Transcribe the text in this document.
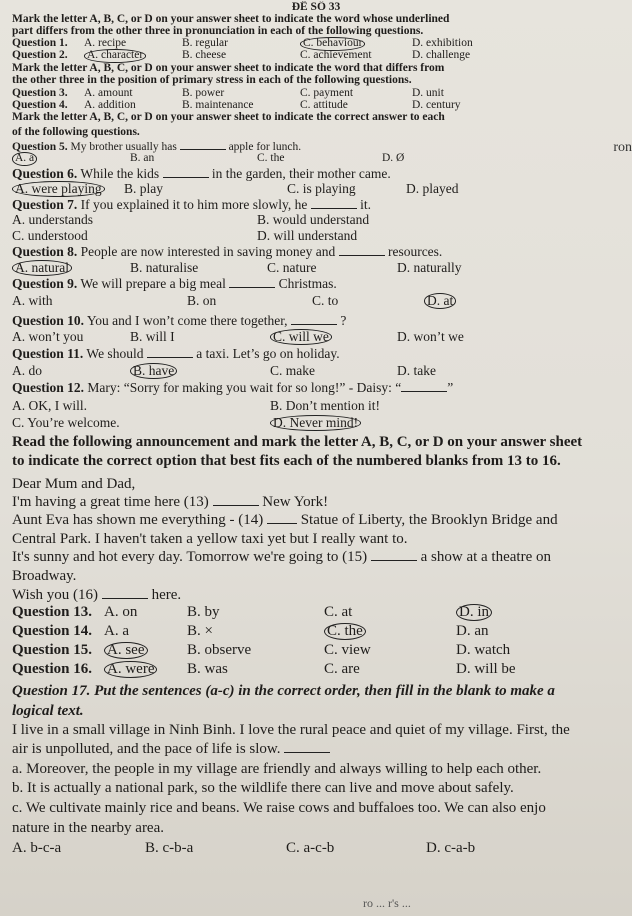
ĐỀ SỐ 33
Mark the letter A, B, C, or D on your answer sheet to indicate the word whose underlined
part differs from the other three in pronunciation in each of the following questions.
Question 1. A. recipe	B. regular	C. behaviour	D. exhibition
Question 2. A. character	B. cheese	C. achievement	D. challenge
Mark the letter A, B, C, or D on your answer sheet to indicate the word that differs from
the other three in the position of primary stress in each of the following questions.
Question 3. A. amount	B. power	C. payment	D. unit
Question 4. A. addition	B. maintenance	C. attitude	D. century
Mark the letter A, B, C, or D on your answer sheet to indicate the correct answer to each
of the following questions.
ron
Question 5. My brother usually has	apple for lunch.
A. a	B. an	C. the	D. Ø
Question 6. While the kids	in the garden, their mother came.
A. were playing B. play	C. is playing	D. played
Question 7. If you explained it to him more slowly, he	it.
A. understands	B. would understand
C. understood	D. will understand
Question 8. People are now interested in saving money and	resources.
A. natural	B. naturalise	C. nature	D. naturally
Question 9. We will prepare a big meal	Christmas.
A. with	B. on	C. to	D. at
Question 10. You and I won’t come there together,	?
A. won’t you	B. will I	C. will we	D. won’t we
Question 11. We should	a taxi. Let’s go on holiday.
A. do	B. have	C. make	D. take
Question 12. Mary: “Sorry for making you wait for so long!” - Daisy: “	”
A. OK, I will.	B. Don’t mention it!
C. You’re welcome.	D. Never mind!
Read the following announcement and mark the letter A, B, C, or D on your answer sheet
to indicate the correct option that best fits each of the numbered blanks from 13 to 16.
Dear Mum and Dad,
I'm having a great time here (13)	New York!
Aunt Eva has shown me everything - (14)	Statue of Liberty, the Brooklyn Bridge and
Central Park. I haven't taken a yellow taxi yet but I really want to.
It's sunny and hot every day. Tomorrow we're going to (15)	a show at a theatre on
Broadway.
Wish you (16)	here.
Question 13. A. on	B. by	C. at	D. in
Question 14. A. a	B. ×	C. the	D. an
Question 15. A. see	B. observe	C. view	D. watch
Question 16. A. were B. was	C. are	D. will be
Question 17. Put the sentences (a-c) in the correct order, then fill in the blank to make a
logical text.
I live in a small village in Ninh Binh. I love the rural peace and quiet of my village. First, the
air is unpolluted, and the pace of life is slow.
a. Moreover, the people in my village are friendly and always willing to help each other.
b. It is actually a national park, so the wildlife there can live and move about safely.
c. We cultivate mainly rice and beans. We raise cows and buffaloes too. We can also enjo
nature in the nearby area.
A. b-c-a	B. c-b-a	C. a-c-b	D. c-a-b
ro ... r's ...
